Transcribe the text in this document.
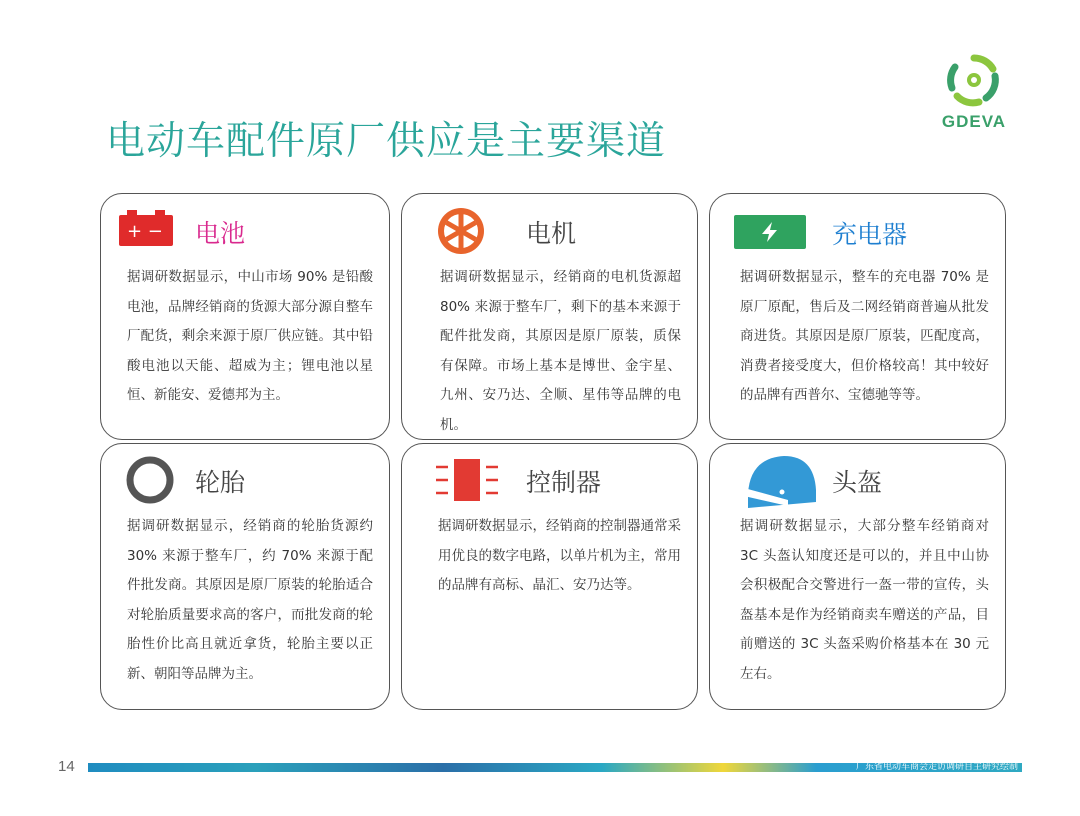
电动车配件原厂供应是主要渠道	GDEVA
+ − 电池
据调研数据显示，中山市场 90% 是铅酸电池，品牌经销商的货源大部分源自整车厂配货，剩余来源于原厂供应链。其中铅酸电池以天能、超威为主；锂电池以星恒、新能安、爱德邦为主。
电机
据调研数据显示，经销商的电机货源超 80% 来源于整车厂，剩下的基本来源于配件批发商，其原因是原厂原装，质保有保障。市场上基本是博世、金宇星、九州、安乃达、全顺、星伟等品牌的电机。
充电器
据调研数据显示，整车的充电器 70% 是原厂原配，售后及二网经销商普遍从批发商进货。其原因是原厂原装，匹配度高，消费者接受度大，但价格较高！其中较好的品牌有西普尔、宝德驰等等。
轮胎
据调研数据显示，经销商的轮胎货源约 30% 来源于整车厂，约 70% 来源于配件批发商。其原因是原厂原装的轮胎适合对轮胎质量要求高的客户，而批发商的轮胎性价比高且就近拿货，轮胎主要以正新、朝阳等品牌为主。
控制器
据调研数据显示，经销商的控制器通常采用优良的数字电路，以单片机为主，常用的品牌有高标、晶汇、安乃达等。
头盔
据调研数据显示，大部分整车经销商对 3C 头盔认知度还是可以的，并且中山协会积极配合交警进行一盔一带的宣传，头盔基本是作为经销商卖车赠送的产品，目前赠送的 3C 头盔采购价格基本在 30 元左右。
14	广东省电动车商会走访调研自主研究绘制
